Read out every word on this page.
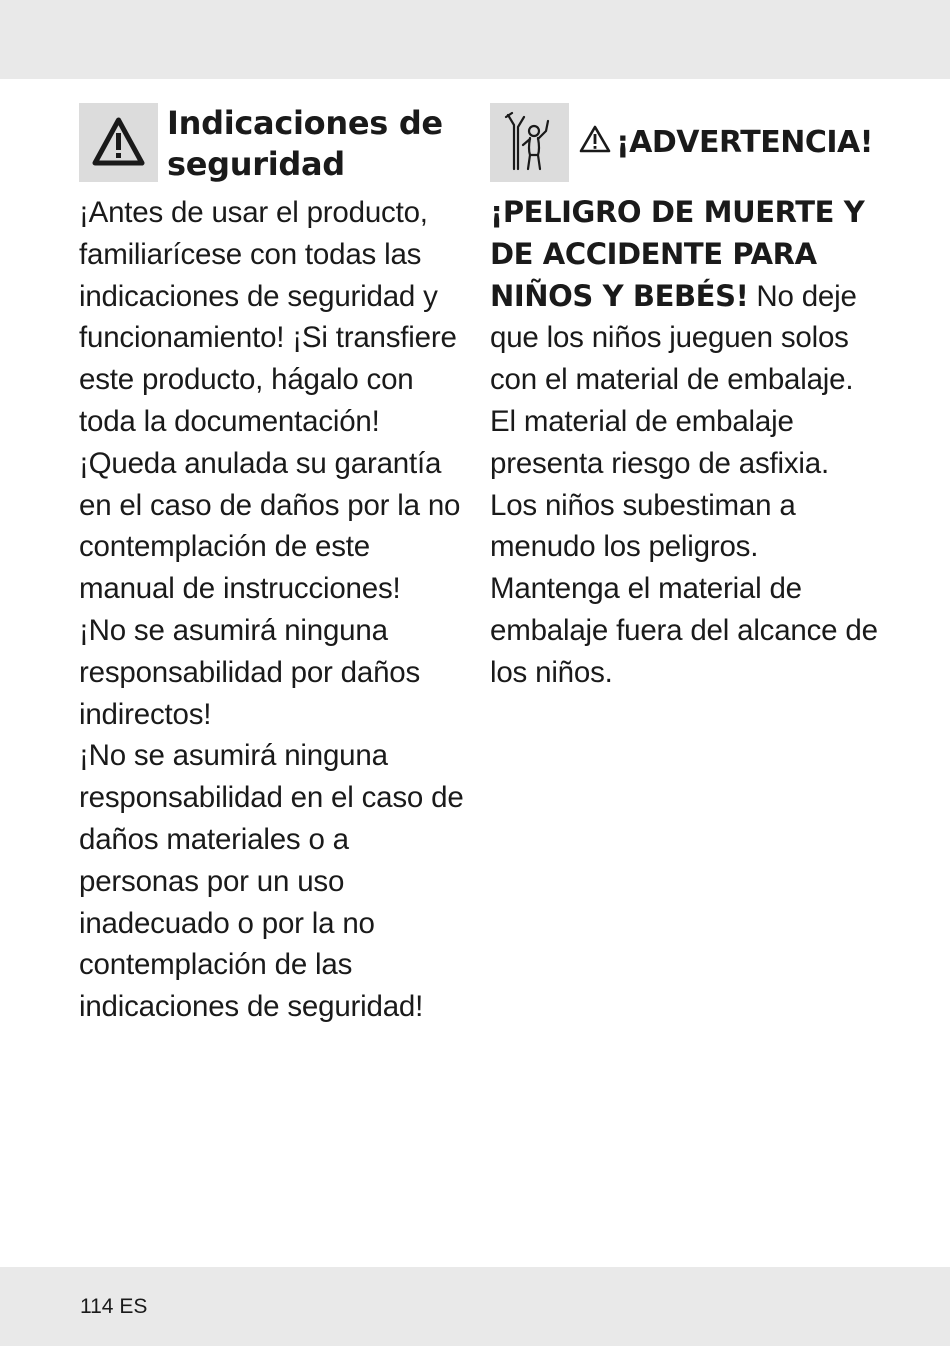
Indicaciones de seguridad

¡Antes de usar el producto, familiarícese con todas las indicaciones de seguridad y funcionamiento! ¡Si transfiere este producto, hágalo con toda la documentación!

¡Queda anulada su garantía en el caso de daños por la no contemplación de este manual de instrucciones!

¡No se asumirá ninguna responsabilidad por daños indirectos!

¡No se asumirá ninguna responsabilidad en el caso de daños materiales o a personas por un uso inadecuado o por la no contemplación de las indicaciones de seguridad!

¡ADVERTENCIA!

¡PELIGRO DE MUERTE Y DE ACCIDENTE PARA NIÑOS Y BEBÉS! No deje que los niños jueguen solos con el material de embalaje. El material de embalaje presenta riesgo de asfixia. Los niños subestiman a menudo los peligros. Mantenga el material de embalaje fuera del alcance de los niños.

114 ES
